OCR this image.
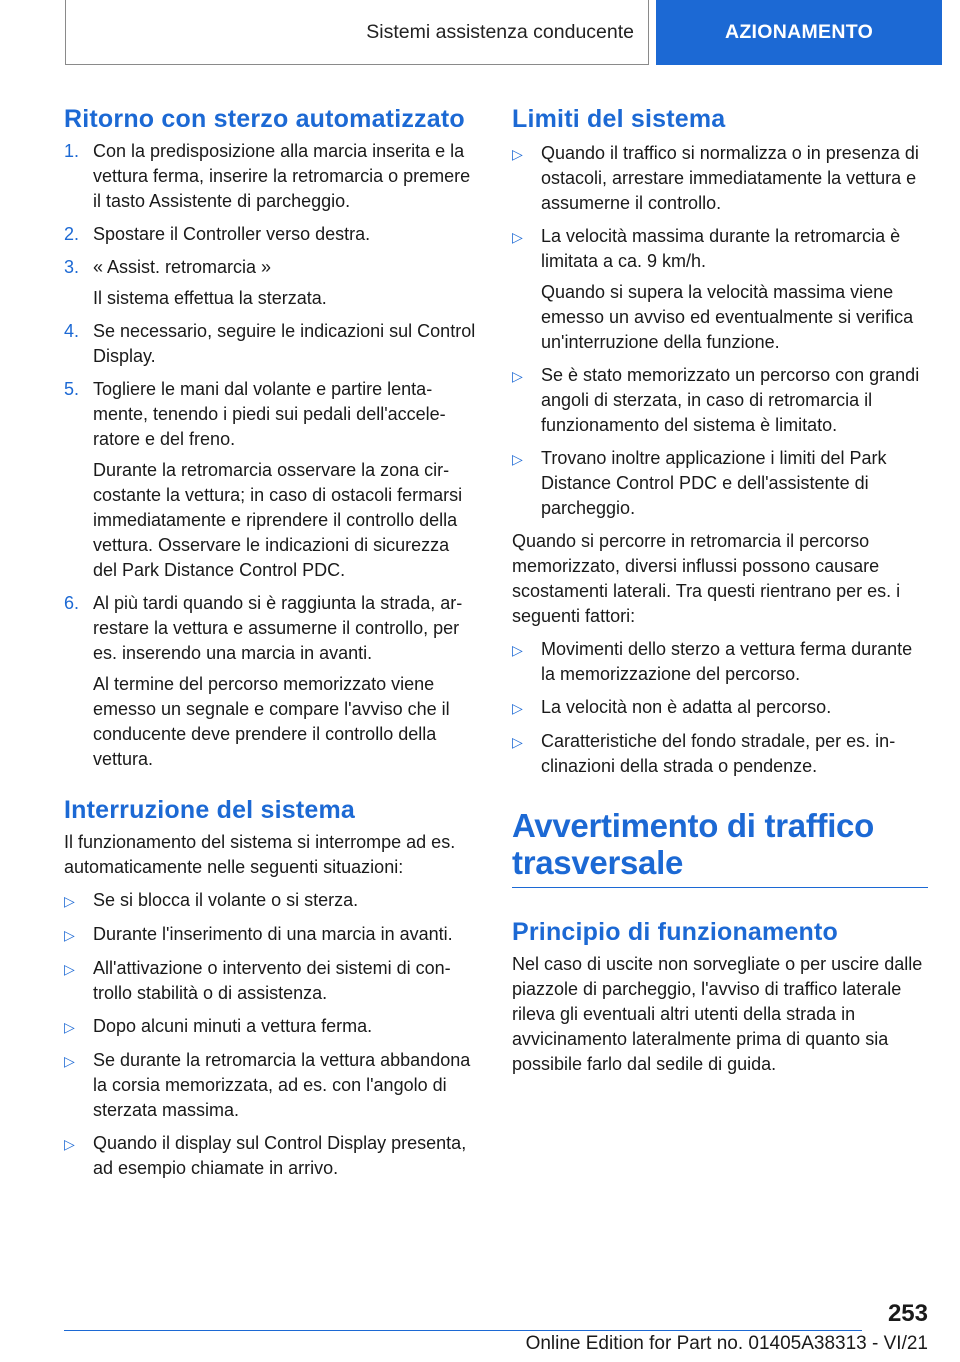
Sistemi assistenza conducente	AZIONAMENTO
Ritorno con sterzo automatizzato
1. Con la predisposizione alla marcia inserita e la vettura ferma, inserire la retromarcia o premere il tasto Assistente di parcheggio.
2. Spostare il Controller verso destra.
3. « Assist. retromarcia »

Il sistema effettua la sterzata.

4. Se necessario, seguire le indicazioni sul Control Display.
5. Togliere le mani dal volante e partire lentamente, tenendo i piedi sui pedali dell'acceleratore e del freno.

Durante la retromarcia osservare la zona circostante la vettura; in caso di ostacoli fermarsi immediatamente e riprendere il controllo della vettura. Osservare le indicazioni di sicurezza del Park Distance Control PDC.

6. Al più tardi quando si è raggiunta la strada, arrestare la vettura e assumerne il controllo, per es. inserendo una marcia in avanti.

Al termine del percorso memorizzato viene emesso un segnale e compare l'avviso che il conducente deve prendere il controllo della vettura.

Interruzione del sistema

Il funzionamento del sistema si interrompe ad es. automaticamente nelle seguenti situazioni:

▷	Se si blocca il volante o si sterza.
▷	Durante l'inserimento di una marcia in avanti.
▷	All'attivazione o intervento dei sistemi di controllo stabilità o di assistenza.
▷	Dopo alcuni minuti a vettura ferma.
▷	Se durante la retromarcia la vettura abbandona la corsia memorizzata, ad es. con l'angolo di sterzata massima.
▷	Quando il display sul Control Display presenta, ad esempio chiamate in arrivo.
Limiti del sistema
▷	Quando il traffico si normalizza o in presenza di ostacoli, arrestare immediatamente la vettura e assumerne il controllo.
▷	La velocità massima durante la retromarcia è limitata a ca. 9 km/h.

Quando si supera la velocità massima viene emesso un avviso ed eventualmente si verifica un'interruzione della funzione.

▷	Se è stato memorizzato un percorso con grandi angoli di sterzata, in caso di retromarcia il funzionamento del sistema è limitato.
▷	Trovano inoltre applicazione i limiti del Park Distance Control PDC e dell'assistente di parcheggio.

Quando si percorre in retromarcia il percorso memorizzato, diversi influssi possono causare scostamenti laterali. Tra questi rientrano per es. i seguenti fattori:

▷	Movimenti dello sterzo a vettura ferma durante la memorizzazione del percorso.
▷	La velocità non è adatta al percorso.
▷	Caratteristiche del fondo stradale, per es. inclinazioni della strada o pendenze.
Avvertimento di traffico
trasversale
Principio di funzionamento

Nel caso di uscite non sorvegliate o per uscire dalle piazzole di parcheggio, l'avviso di traffico laterale rileva gli eventuali altri utenti della strada in avvicinamento lateralmente prima di quanto sia possibile farlo dal sedile di guida.

253
Online Edition for Part no. 01405A38313 - VI/21
